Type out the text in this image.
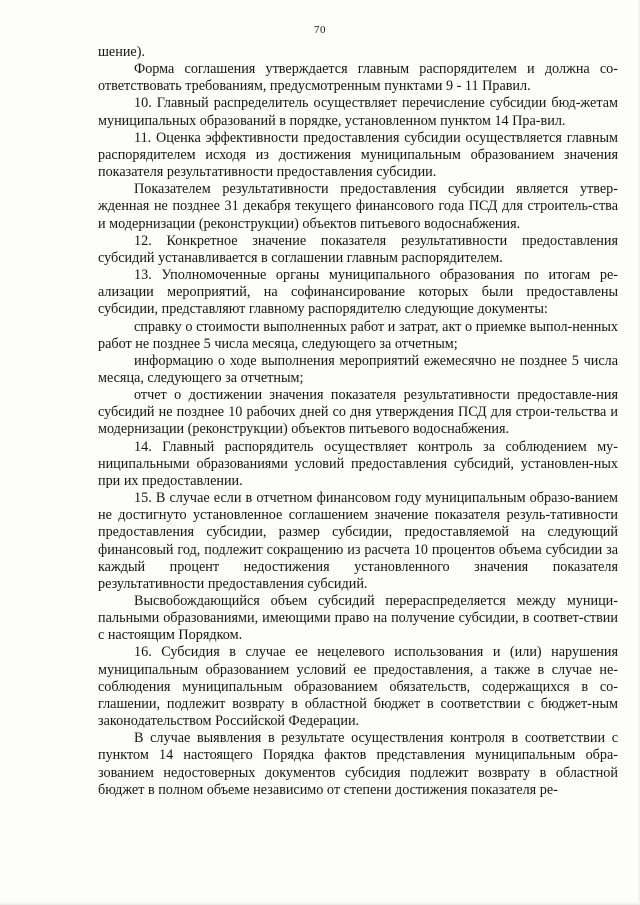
70

шение).

Форма соглашения утверждается главным распорядителем и должна со-ответствовать требованиям, предусмотренным пунктами 9 - 11 Правил.

10. Главный распределитель осуществляет перечисление субсидии бюд-жетам муниципальных образований в порядке, установленном пунктом 14 Пра-вил.

11. Оценка эффективности предоставления субсидии осуществляется главным распорядителем исходя из достижения муниципальным образованием значения показателя результативности предоставления субсидии.

Показателем результативности предоставления субсидии является утвер-жденная не позднее 31 декабря текущего финансового года ПСД для строитель-ства и модернизации (реконструкции) объектов питьевого водоснабжения.

12. Конкретное значение показателя результативности предоставления субсидий устанавливается в соглашении главным распорядителем.

13. Уполномоченные органы муниципального образования по итогам ре-ализации мероприятий, на софинансирование которых были предоставлены субсидии, представляют главному распорядителю следующие документы:

справку о стоимости выполненных работ и затрат, акт о приемке выпол-ненных работ не позднее 5 числа месяца, следующего за отчетным;

информацию о ходе выполнения мероприятий ежемесячно не позднее 5 числа месяца, следующего за отчетным;

отчет о достижении значения показателя результативности предоставле-ния субсидий не позднее 10 рабочих дней со дня утверждения ПСД для строи-тельства и модернизации (реконструкции) объектов питьевого водоснабжения.

14. Главный распорядитель осуществляет контроль за соблюдением му-ниципальными образованиями условий предоставления субсидий, установлен-ных при их предоставлении.

15. В случае если в отчетном финансовом году муниципальным образо-ванием не достигнуто установленное соглашением значение показателя резуль-тативности предоставления субсидии, размер субсидии, предоставляемой на следующий финансовый год, подлежит сокращению из расчета 10 процентов объема субсидии за каждый процент недостижения установленного значения показателя результативности предоставления субсидий.

Высвобождающийся объем субсидий перераспределяется между муници-пальными образованиями, имеющими право на получение субсидии, в соответ-ствии с настоящим Порядком.

16. Субсидия в случае ее нецелевого использования и (или) нарушения муниципальным образованием условий ее предоставления, а также в случае не-соблюдения муниципальным образованием обязательств, содержащихся в со-глашении, подлежит возврату в областной бюджет в соответствии с бюджет-ным законодательством Российской Федерации.

В случае выявления в результате осуществления контроля в соответствии с пунктом 14 настоящего Порядка фактов представления муниципальным обра-зованием недостоверных документов субсидия подлежит возврату в областной бюджет в полном объеме независимо от степени достижения показателя ре-
